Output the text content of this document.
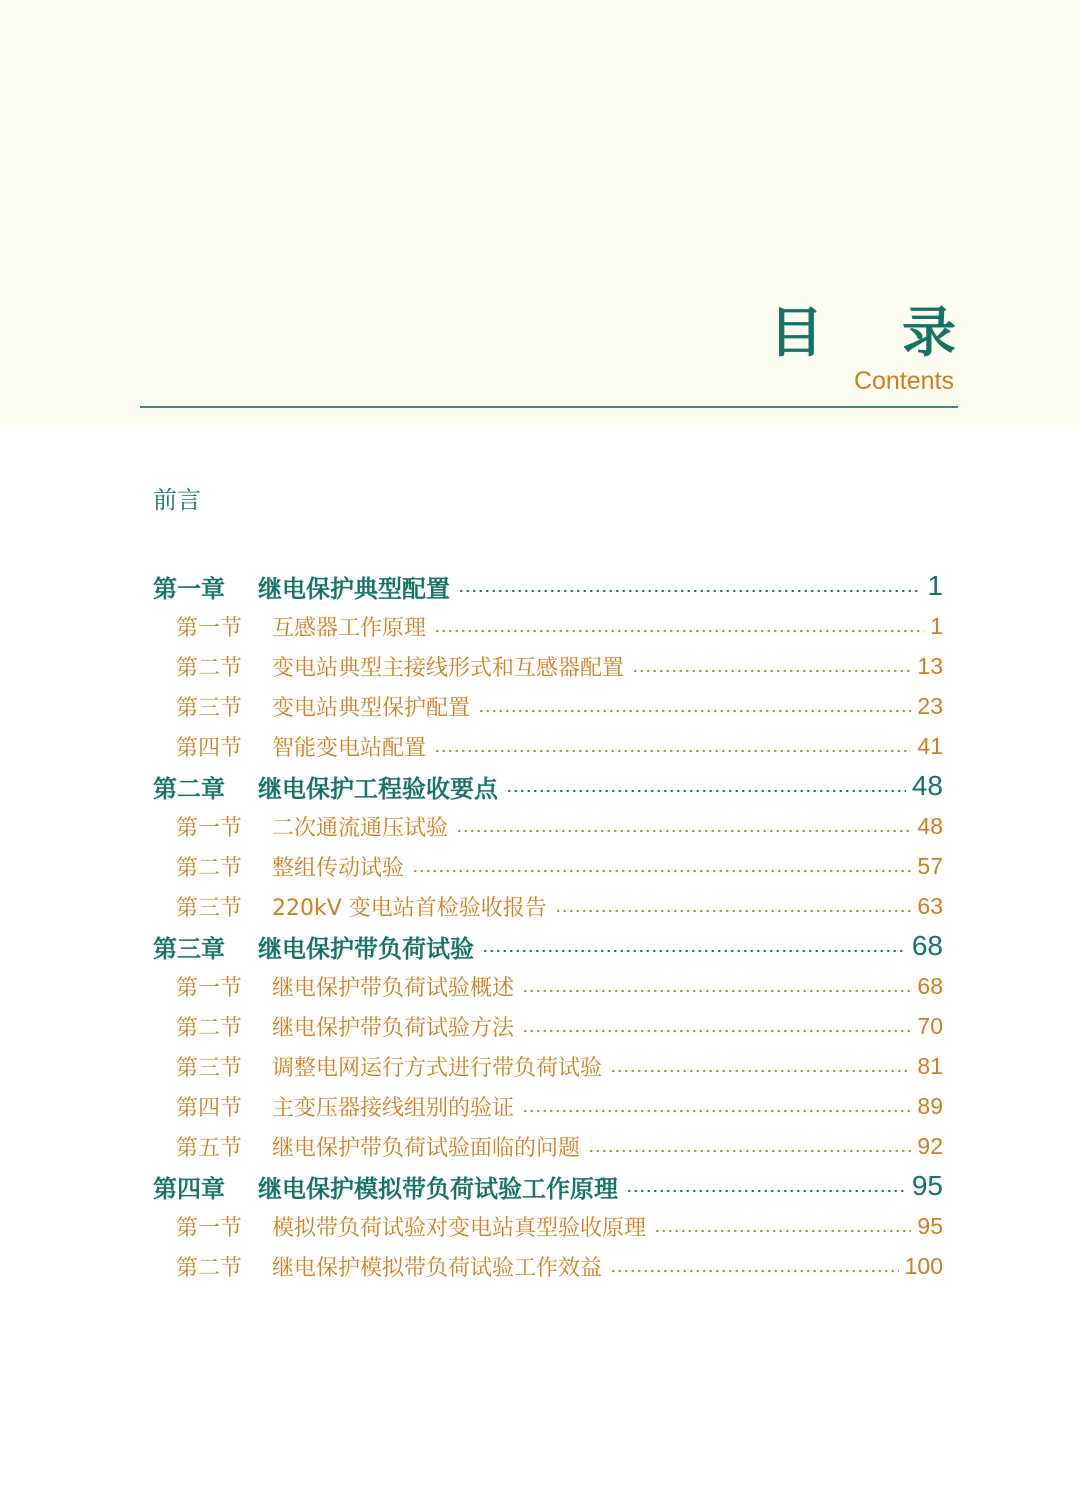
目 录
Contents
前言
第一章	继电保护典型配置	1
第一节	互感器工作原理	1
第二节	变电站典型主接线形式和互感器配置	13
第三节	变电站典型保护配置	23
第四节	智能变电站配置	41
第二章	继电保护工程验收要点	48
第一节	二次通流通压试验	48
第二节	整组传动试验	57
第三节	220kV 变电站首检验收报告	63
第三章	继电保护带负荷试验	68
第一节	继电保护带负荷试验概述	68
第二节	继电保护带负荷试验方法	70
第三节	调整电网运行方式进行带负荷试验	81
第四节	主变压器接线组别的验证	89
第五节	继电保护带负荷试验面临的问题	92
第四章	继电保护模拟带负荷试验工作原理	95
第一节	模拟带负荷试验对变电站真型验收原理	95
第二节	继电保护模拟带负荷试验工作效益	100
